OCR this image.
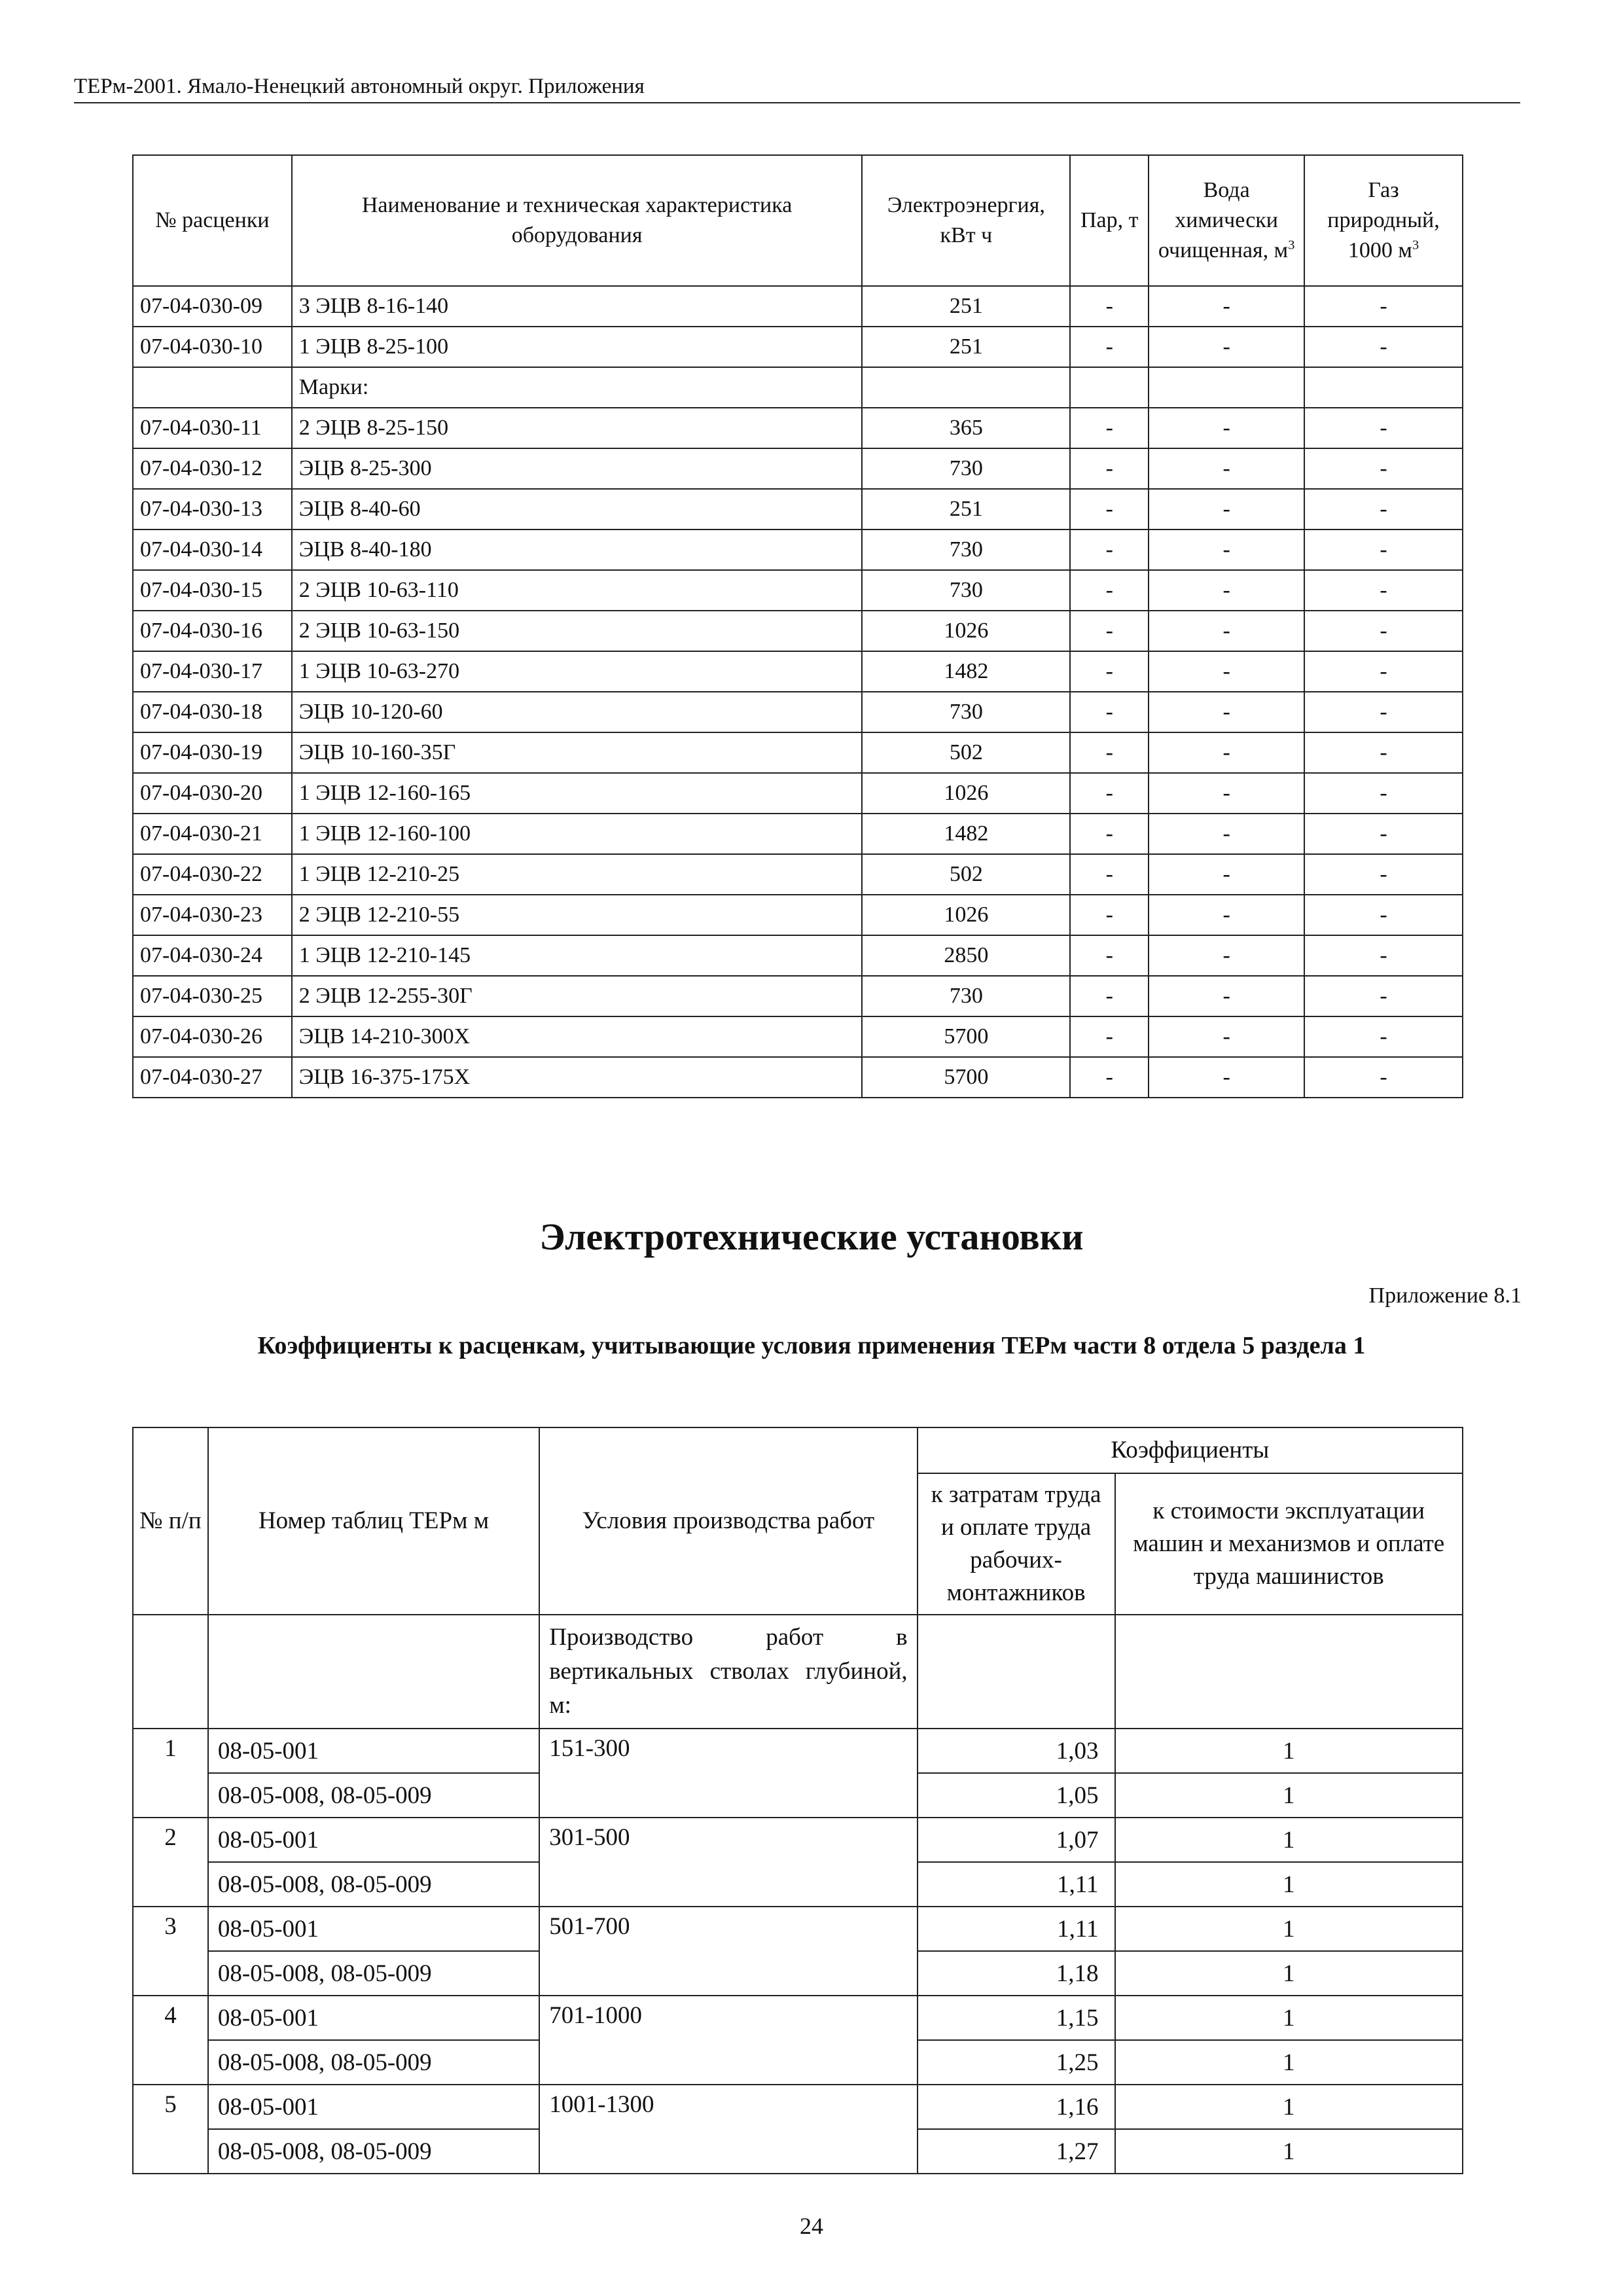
ТЕРм-2001. Ямало-Ненецкий автономный округ. Приложения
№ расценки	Наименование и техническая характеристика оборудования	Электроэнергия, кВт ч	Пар, т	Вода химически очищенная, $м^3$	Газ природный, 1000 $м^3$
07-04-030-09	3 ЭЦВ 8-16-140	251	-	-	-
07-04-030-10	1 ЭЦВ 8-25-100	251	-	-	-
	Марки:				
07-04-030-11	2 ЭЦВ 8-25-150	365	-	-	-
07-04-030-12	ЭЦВ 8-25-300	730	-	-	-
07-04-030-13	ЭЦВ 8-40-60	251	-	-	-
07-04-030-14	ЭЦВ 8-40-180	730	-	-	-
07-04-030-15	2 ЭЦВ 10-63-110	730	-	-	-
07-04-030-16	2 ЭЦВ 10-63-150	1026	-	-	-
07-04-030-17	1 ЭЦВ 10-63-270	1482	-	-	-
07-04-030-18	ЭЦВ 10-120-60	730	-	-	-
07-04-030-19	ЭЦВ 10-160-35Г	502	-	-	-
07-04-030-20	1 ЭЦВ 12-160-165	1026	-	-	-
07-04-030-21	1 ЭЦВ 12-160-100	1482	-	-	-
07-04-030-22	1 ЭЦВ 12-210-25	502	-	-	-
07-04-030-23	2 ЭЦВ 12-210-55	1026	-	-	-
07-04-030-24	1 ЭЦВ 12-210-145	2850	-	-	-
07-04-030-25	2 ЭЦВ 12-255-30Г	730	-	-	-
07-04-030-26	ЭЦВ 14-210-300Х	5700	-	-	-
07-04-030-27	ЭЦВ 16-375-175Х	5700	-	-	-
Электротехнические установки
Приложение 8.1
Коэффициенты к расценкам, учитывающие условия применения ТЕРм части 8 отдела 5 раздела 1
№ п/п	Номер таблиц ТЕРм м	Условия производства работ	Коэффициенты	
			к затратам труда и оплате труда рабочих-монтажников	к стоимости эксплуатации машин и механизмов и оплате труда машинистов
		Производство работ в вертикальных стволах глубиной, м:		
1	08-05-001	151-300	1,03	1
	08-05-008, 08-05-009		1,05	1
2	08-05-001	301-500	1,07	1
	08-05-008, 08-05-009		1,11	1
3	08-05-001	501-700	1,11	1
	08-05-008, 08-05-009		1,18	1
4	08-05-001	701-1000	1,15	1
	08-05-008, 08-05-009		1,25	1
5	08-05-001	1001-1300	1,16	1
	08-05-008, 08-05-009		1,27	1
24
